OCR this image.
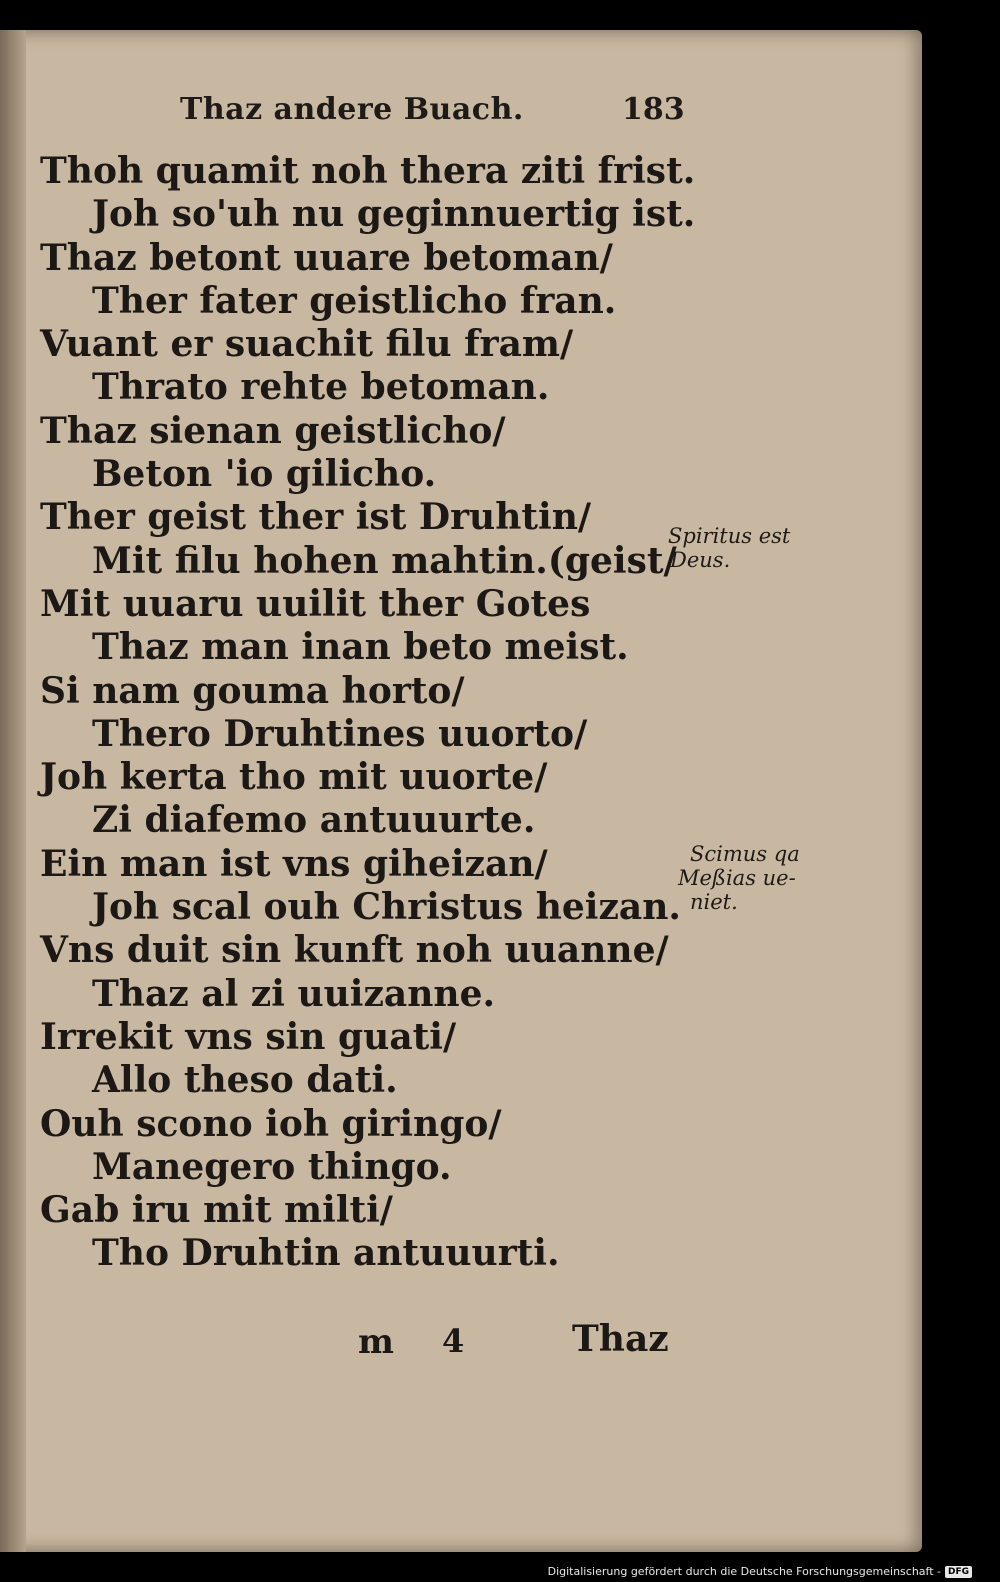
Thaz andere Buach.	183
Thoh quamit noh thera ziti frist.
Joh so'uh nu geginnuertig ist.
Thaz betont uuare betoman/
Ther fater geistlicho fran.
Vuant er suachit filu fram/
Thrato rehte betoman.
Thaz sienan geistlicho/
Beton 'io gilicho.
Ther geist ther ist Druhtin/
Mit filu hohen mahtin.(geist/
Mit uuaru uuilit ther Gotes
Thaz man inan beto meist.
Si nam gouma horto/
Thero Druhtines uuorto/
Joh kerta tho mit uuorte/
Zi diafemo antuuurte.
Ein man ist vns giheizan/
Joh scal ouh Christus heizan.
Vns duit sin kunft noh uuanne/
Thaz al zi uuizanne.
Irrekit vns sin guati/
Allo theso dati.
Ouh scono ioh giringo/
Manegero thingo.
Gab iru mit milti/
Tho Druhtin antuuurti.
Spiritus est
Deus.
Scimus qa
Meßias ue-
niet.
m 4	Thaz
Digitalisierung gefördert durch die Deutsche Forschungsgemeinschaft - DFG
